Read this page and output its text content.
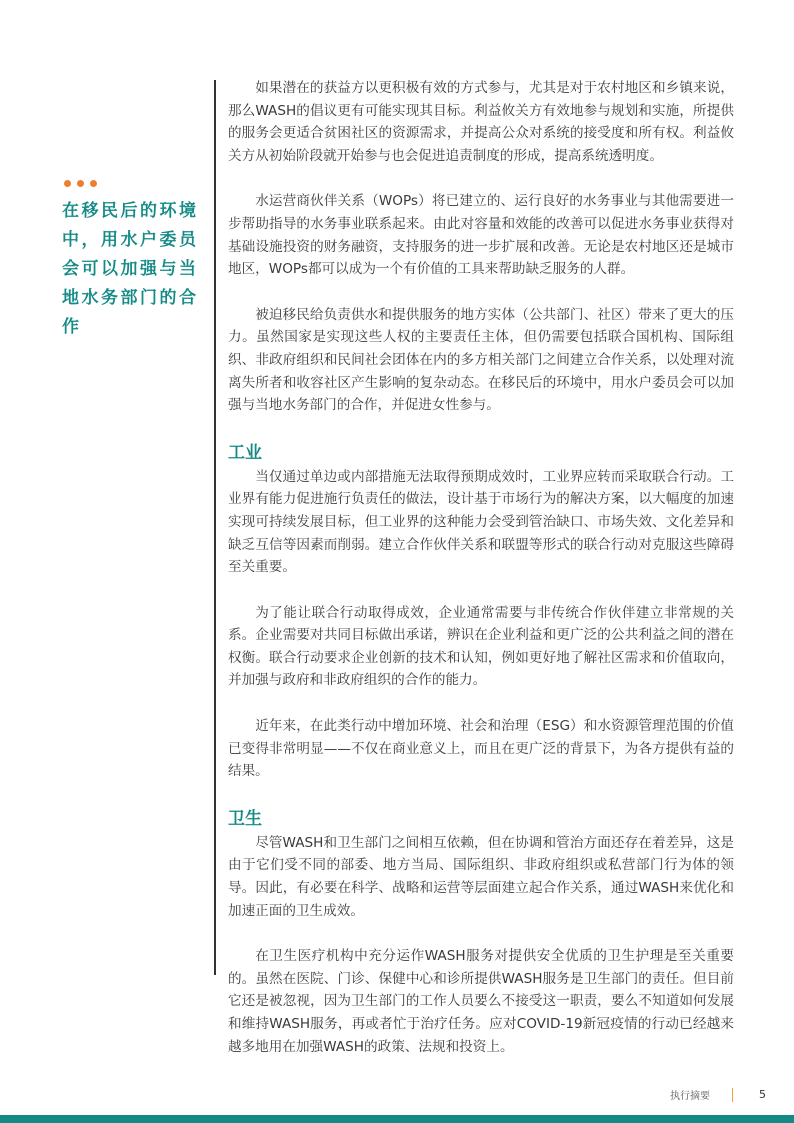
在移民后的环境中，用水户委员会可以加强与当地水务部门的合作

如果潜在的获益方以更积极有效的方式参与，尤其是对于农村地区和乡镇来说，那么WASH的倡议更有可能实现其目标。利益攸关方有效地参与规划和实施，所提供的服务会更适合贫困社区的资源需求，并提高公众对系统的接受度和所有权。利益攸关方从初始阶段就开始参与也会促进追责制度的形成，提高系统透明度。

水运营商伙伴关系（WOPs）将已建立的、运行良好的水务事业与其他需要进一步帮助指导的水务事业联系起来。由此对容量和效能的改善可以促进水务事业获得对基础设施投资的财务融资，支持服务的进一步扩展和改善。无论是农村地区还是城市地区，WOPs都可以成为一个有价值的工具来帮助缺乏服务的人群。

被迫移民给负责供水和提供服务的地方实体（公共部门、社区）带来了更大的压力。虽然国家是实现这些人权的主要责任主体，但仍需要包括联合国机构、国际组织、非政府组织和民间社会团体在内的多方相关部门之间建立合作关系，以处理对流离失所者和收容社区产生影响的复杂动态。在移民后的环境中，用水户委员会可以加强与当地水务部门的合作，并促进女性参与。

工业

当仅通过单边或内部措施无法取得预期成效时，工业界应转而采取联合行动。工业界有能力促进施行负责任的做法，设计基于市场行为的解决方案，以大幅度的加速实现可持续发展目标，但工业界的这种能力会受到管治缺口、市场失效、文化差异和缺乏互信等因素而削弱。建立合作伙伴关系和联盟等形式的联合行动对克服这些障碍至关重要。

为了能让联合行动取得成效，企业通常需要与非传统合作伙伴建立非常规的关系。企业需要对共同目标做出承诺，辨识在企业利益和更广泛的公共利益之间的潜在权衡。联合行动要求企业创新的技术和认知，例如更好地了解社区需求和价值取向，并加强与政府和非政府组织的合作的能力。

近年来，在此类行动中增加环境、社会和治理（ESG）和水资源管理范围的价值已变得非常明显——不仅在商业意义上，而且在更广泛的背景下，为各方提供有益的结果。

卫生

尽管WASH和卫生部门之间相互依赖，但在协调和管治方面还存在着差异，这是由于它们受不同的部委、地方当局、国际组织、非政府组织或私营部门行为体的领导。因此，有必要在科学、战略和运营等层面建立起合作关系，通过WASH来优化和加速正面的卫生成效。

在卫生医疗机构中充分运作WASH服务对提供安全优质的卫生护理是至关重要的。虽然在医院、门诊、保健中心和诊所提供WASH服务是卫生部门的责任。但目前它还是被忽视，因为卫生部门的工作人员要么不接受这一职责，要么不知道如何发展和维持WASH服务，再或者忙于治疗任务。应对COVID-19新冠疫情的行动已经越来越多地用在加强WASH的政策、法规和投资上。

执行摘要	5
